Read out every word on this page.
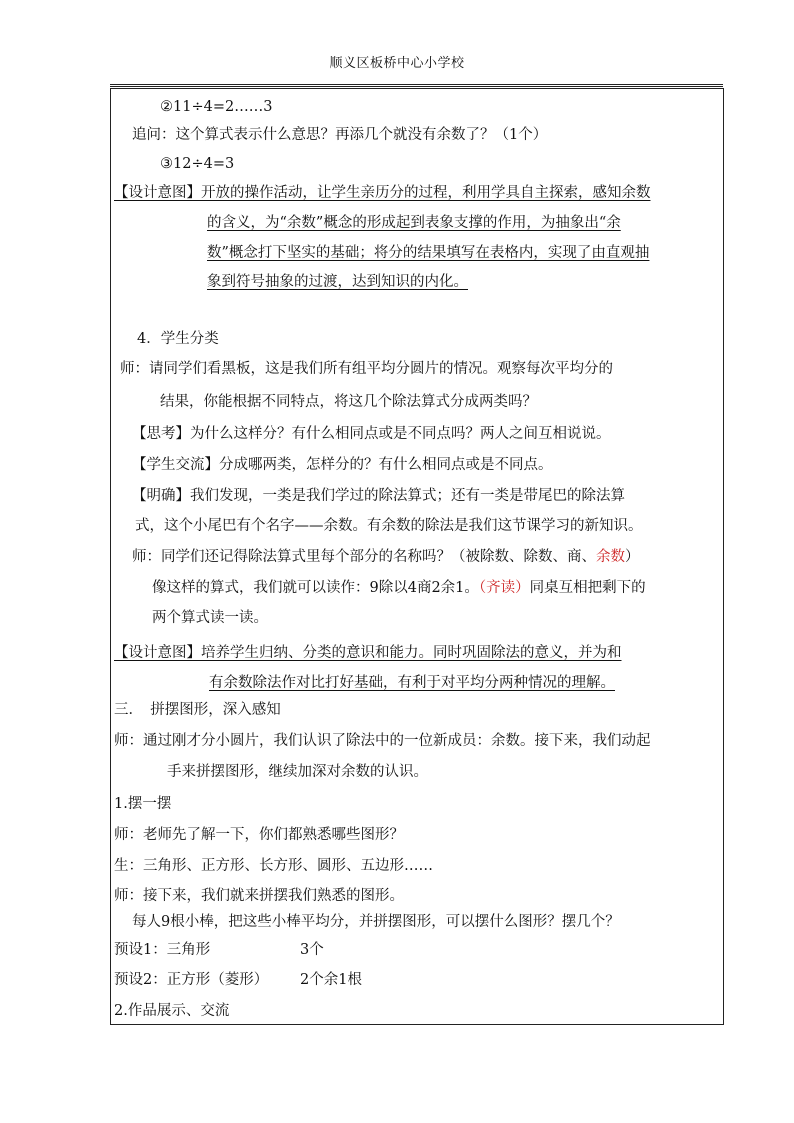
顺义区板桥中心小学校
②11÷4=2……3
追问：这个算式表示什么意思？再添几个就没有余数了？（1个）
③12÷4=3
【设计意图】开放的操作活动，让学生亲历分的过程，利用学具自主探索，感知余数
的含义，为“余数”概念的形成起到表象支撑的作用，为抽象出“余
数”概念打下坚实的基础；将分的结果填写在表格内，实现了由直观抽
象到符号抽象的过渡，达到知识的内化。
4．学生分类
师：请同学们看黑板，这是我们所有组平均分圆片的情况。观察每次平均分的
结果，你能根据不同特点，将这几个除法算式分成两类吗？
【思考】为什么这样分？有什么相同点或是不同点吗？两人之间互相说说。
【学生交流】分成哪两类，怎样分的？有什么相同点或是不同点。
【明确】我们发现，一类是我们学过的除法算式；还有一类是带尾巴的除法算
式，这个小尾巴有个名字——余数。有余数的除法是我们这节课学习的新知识。
师：同学们还记得除法算式里每个部分的名称吗？（被除数、除数、商、余数）
像这样的算式，我们就可以读作：9除以4商2余1。（齐读）同桌互相把剩下的
两个算式读一读。
【设计意图】培养学生归纳、分类的意识和能力。同时巩固除法的意义，并为和
有余数除法作对比打好基础，有利于对平均分两种情况的理解。
三．　拼摆图形，深入感知
师：通过刚才分小圆片，我们认识了除法中的一位新成员：余数。接下来，我们动起
手来拼摆图形，继续加深对余数的认识。
1.摆一摆
师：老师先了解一下，你们都熟悉哪些图形？
生：三角形、正方形、长方形、圆形、五边形……
师：接下来，我们就来拼摆我们熟悉的图形。
每人9根小棒，把这些小棒平均分，并拼摆图形，可以摆什么图形？摆几个？
预设1：三角形	3个
预设2：正方形（菱形） 2个余1根
2.作品展示、交流
